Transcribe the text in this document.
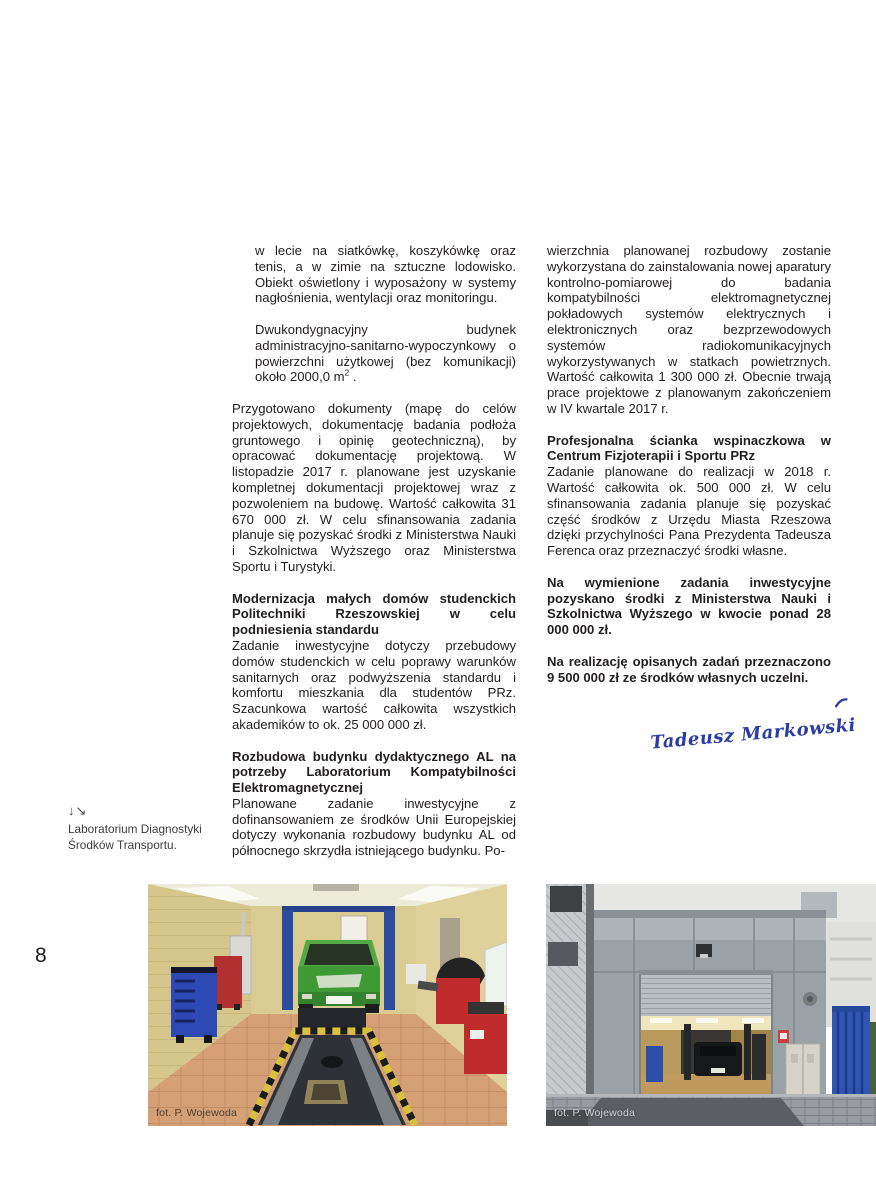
w lecie na siatkówkę, koszykówkę oraz tenis, a w zimie na sztuczne lodowisko. Obiekt oświetlony i wyposażony w systemy nagłośnienia, wentylacji oraz monitoringu.

Dwukondygnacyjny budynek administracyjno-sanitarno-wypoczynkowy o powierzchni użytkowej (bez komunikacji) około 2000,0 $m^2$ .

Przygotowano dokumenty (mapę do celów projektowych, dokumentację badania podłoża gruntowego i opinię geotechniczną), by opracować dokumentację projektową. W listopadzie 2017 r. planowane jest uzyskanie kompletnej dokumentacji projektowej wraz z pozwoleniem na budowę. Wartość całkowita 31 670 000 zł. W celu sfinansowania zadania planuje się pozyskać środki z Ministerstwa Nauki i Szkolnictwa Wyższego oraz Ministerstwa Sportu i Turystyki.

Modernizacja małych domów studenckich Politechniki Rzeszowskiej w celu podniesienia standardu

Zadanie inwestycyjne dotyczy przebudowy domów studenckich w celu poprawy warunków sanitarnych oraz podwyższenia standardu i komfortu mieszkania dla studentów PRz. Szacunkowa wartość całkowita wszystkich akademików to ok. 25 000 000 zł.

Rozbudowa budynku dydaktycznego AL na potrzeby Laboratorium Kompatybilności Elektromagnetycznej

Planowane zadanie inwestycyjne z dofinansowaniem ze środków Unii Europejskiej dotyczy wykonania rozbudowy budynku AL od północnego skrzydła istniejącego budynku. Po-

wierzchnia planowanej rozbudowy zostanie wykorzystana do zainstalowania nowej aparatury kontrolno-pomiarowej do badania kompatybilności elektromagnetycznej pokładowych systemów elektrycznych i elektronicznych oraz bezprzewodowych systemów radiokomunikacyjnych wykorzystywanych w statkach powietrznych. Wartość całkowita 1 300 000 zł. Obecnie trwają prace projektowe z planowanym zakończeniem w IV kwartale 2017 r.

Profesjonalna ścianka wspinaczkowa w Centrum Fizjoterapii i Sportu PRz

Zadanie planowane do realizacji w 2018 r. Wartość całkowita ok. 500 000 zł. W celu sfinansowania zadania planuje się pozyskać część środków z Urzędu Miasta Rzeszowa dzięki przychylności Pana Prezydenta Tadeusza Ferenca oraz przeznaczyć środki własne.

Na wymienione zadania inwestycyjne pozyskano środki z Ministerstwa Nauki i Szkolnictwa Wyższego w kwocie ponad 28 000 000 zł.

Na realizację opisanych zadań przeznaczono 9 500 000 zł ze środków własnych uczelni.

Tadeusz Markowski
↓↘
Laboratorium Diagnostyki
Środków Transportu.
8
fot. P. Wojewoda	fot. P. Wojewoda
